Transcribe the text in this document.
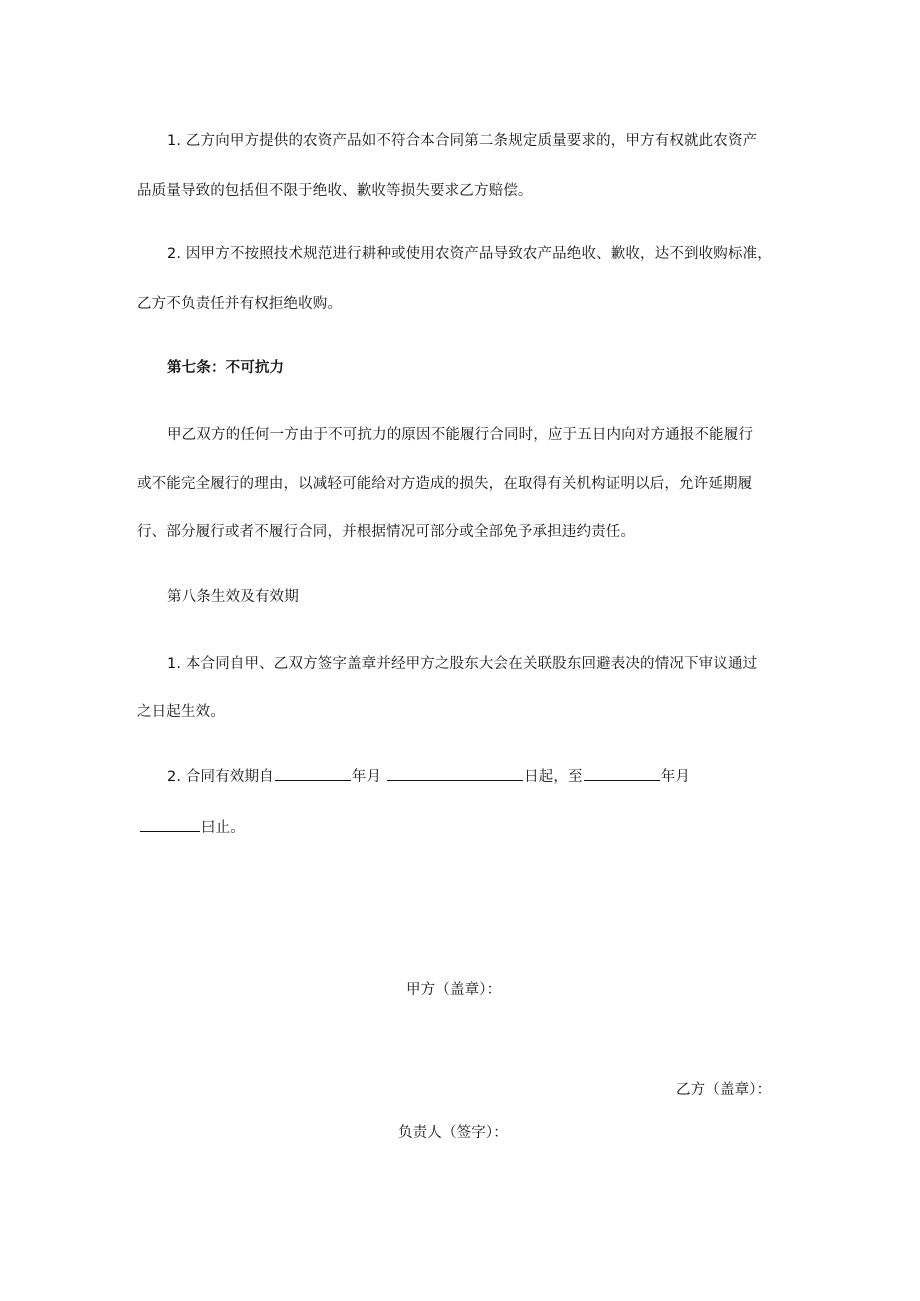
1. 乙方向甲方提供的农资产品如不符合本合同第二条规定质量要求的，甲方有权就此农资产
品质量导致的包括但不限于绝收、歉收等损失要求乙方赔偿。
2. 因甲方不按照技术规范进行耕种或使用农资产品导致农产品绝收、歉收，达不到收购标准，
乙方不负责任并有权拒绝收购。
第七条：不可抗力
甲乙双方的任何一方由于不可抗力的原因不能履行合同时，应于五日内向对方通报不能履行
或不能完全履行的理由，以减轻可能给对方造成的损失，在取得有关机构证明以后，允许延期履
行、部分履行或者不履行合同，并根据情况可部分或全部免予承担违约责任。
第八条生效及有效期
1. 本合同自甲、乙双方签字盖章并经甲方之股东大会在关联股东回避表决的情况下审议通过
之日起生效。
2. 合同有效期自	年月	日起，至	年月
曰止。
甲方（盖章）：
乙方（盖章）：
负责人（签字）：
